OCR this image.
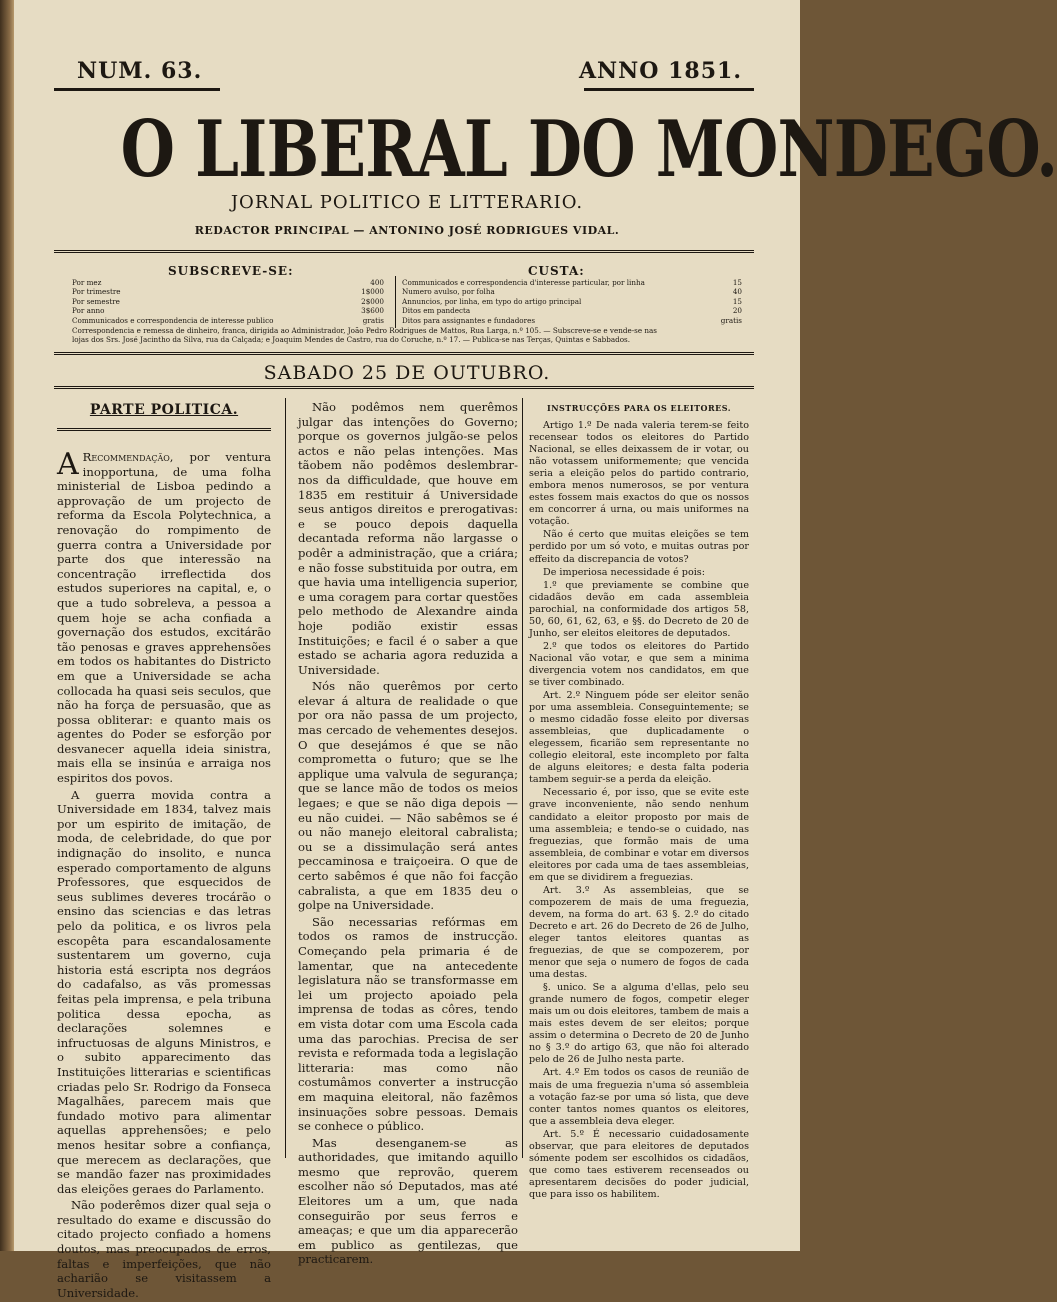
NUM. 63.	ANNO 1851.
O LIBERAL DO MONDEGO.
JORNAL POLITICO E LITTERARIO.
REDACTOR PRINCIPAL — ANTONINO JOSÉ RODRIGUES VIDAL.
SUBSCREVE-SE:	CUSTA:
Correspondencia e remessa de dinheiro, franca, dirigida ao Administrador, João Pedro Rodrigues de Mattos, Rua Larga, n.º 105. — Subscreve-se e vende-se nas
lojas dos Srs. José Jacintho da Silva, rua da Calçada; e Joaquim Mendes de Castro, rua do Coruche, n.º 17. — Publica-se nas Terças, Quintas e Sabbados.
SABADO 25 DE OUTUBRO.
PARTE POLITICA.

A Recommendação, por ventura inopportuna, de uma folha ministerial de Lisboa pedindo a approvação de um projecto de reforma da Escola Polytechnica, a renovação do rompimento de guerra contra a Universidade por parte dos que interessão na concentração irreflectida dos estudos superiores na capital, e, o que a tudo sobreleva, a pessoa a quem hoje se acha confiada a governação dos estudos, excitárão tão penosas e graves apprehensões em todos os habitantes do Districto em que a Universidade se acha collocada ha quasi seis seculos, que não ha força de persuasão, que as possa obliterar: e quanto mais os agentes do Poder se esforção por desvanecer aquella ideia sinistra, mais ella se insinúa e arraiga nos espiritos dos povos.

A guerra movida contra a Universidade em 1834, talvez mais por um espirito de imitação, de moda, de celebridade, do que por indignação do insolito, e nunca esperado comportamento de alguns Professores, que esquecidos de seus sublimes deveres trocárão o ensino das sciencias e das letras pelo da politica, e os livros pela escopêta para escandalosamente sustentarem um governo, cuja historia está escripta nos degráos do cadafalso, as vãs promessas feitas pela imprensa, e pela tribuna politica dessa epocha, as declarações solemnes e infructuosas de alguns Ministros, e o subito apparecimento das Instituições litterarias e scientificas criadas pelo Sr. Rodrigo da Fonseca Magalhães, parecem mais que fundado motivo para alimentar aquellas apprehensões; e pelo menos hesitar sobre a confiança, que merecem as declarações, que se mandão fazer nas proximidades das eleições geraes do Parlamento.

Não poderêmos dizer qual seja o resultado do exame e discussão do citado projecto confiado a homens doutos, mas preocupados de erros, faltas e imperfeições, que não acharião se visitassem a Universidade.

Não podêmos nem querêmos julgar das intenções do Governo; porque os governos julgão-se pelos actos e não pelas intenções. Mas tãobem não podêmos deslembrar-nos da difficuldade, que houve em 1835 em restituir á Universidade seus antigos direitos e prerogativas: e se pouco depois daquella decantada reforma não largasse o podêr a administração, que a criára; e não fosse substituida por outra, em que havia uma intelligencia superior, e uma coragem para cortar questões pelo methodo de Alexandre ainda hoje podião existir essas Instituições; e facil é o saber a que estado se acharia agora reduzida a Universidade.

Nós não querêmos por certo elevar á altura de realidade o que por ora não passa de um projecto, mas cercado de vehementes desejos. O que desejámos é que se não comprometta o futuro; que se lhe applique uma valvula de segurança; que se lance mão de todos os meios legaes; e que se não diga depois — eu não cuidei. — Não sabêmos se é ou não manejo eleitoral cabralista; ou se a dissimulação será antes peccaminosa e traiçoeira. O que de certo sabêmos é que não foi facção cabralista, a que em 1835 deu o golpe na Universidade.

São necessarias refórmas em todos os ramos de instrucção. Começando pela primaria é de lamentar, que na antecedente legislatura não se transformasse em lei um projecto apoiado pela imprensa de todas as côres, tendo em vista dotar com uma Escola cada uma das parochias. Precisa de ser revista e reformada toda a legislação litteraria: mas como não costumâmos converter a instrucção em maquina eleitoral, não fazêmos insinuações sobre pessoas. Demais se conhece o público.

Mas desenganem-se as authoridades, que imitando aquillo mesmo que reprovão, querem escolher não só Deputados, mas até Eleitores um a um, que nada conseguirão por seus ferros e ameaças; e que um dia apparecerão em publico as gentilezas, que practicarem.

INSTRUCÇÕES PARA OS ELEITORES.

Artigo 1.º De nada valeria terem-se feito recensear todos os eleitores do Partido Nacional, se elles deixassem de ir votar, ou não votassem uniformemente; que vencida seria a eleição pelos do partido contrario, embora menos numerosos, se por ventura estes fossem mais exactos do que os nossos em concorrer á urna, ou mais uniformes na votação.

Não é certo que muitas eleições se tem perdido por um só voto, e muitas outras por effeito da discrepancia de votos?

De imperiosa necessidade é pois:

1.º que previamente se combine que cidadãos devão em cada assembleia parochial, na conformidade dos artigos 58, 50, 60, 61, 62, 63, e §§. do Decreto de 20 de Junho, ser eleitos eleitores de deputados.

2.º que todos os eleitores do Partido Nacional vão votar, e que sem a minima divergencia votem nos candidatos, em que se tiver combinado.

Art. 2.º Ninguem póde ser eleitor senão por uma assembleia. Conseguintemente; se o mesmo cidadão fosse eleito por diversas assembleias, que duplicadamente o elegessem, ficarião sem representante no collegio eleitoral, este incompleto por falta de alguns eleitores; e desta falta poderia tambem seguir-se a perda da eleição.

Necessario é, por isso, que se evite este grave inconveniente, não sendo nenhum candidato a eleitor proposto por mais de uma assembleia; e tendo-se o cuidado, nas freguezias, que formão mais de uma assembleia, de combinar e votar em diversos eleitores por cada uma de taes assembleias, em que se dividirem a freguezias.

Art. 3.º As assembleias, que se compozerem de mais de uma freguezia, devem, na forma do art. 63 §. 2.º do citado Decreto e art. 26 do Decreto de 26 de Julho, eleger tantos eleitores quantas as freguezias, de que se compozerem, por menor que seja o numero de fogos de cada uma destas.

§. unico. Se a alguma d'ellas, pelo seu grande numero de fogos, competir eleger mais um ou dois eleitores, tambem de mais a mais estes devem de ser eleitos; porque assim o determina o Decreto de 20 de Junho no § 3.º do artigo 63, que não foi alterado pelo de 26 de Julho nesta parte.

Art. 4.º Em todos os casos de reunião de mais de uma freguezia n'uma só assembleia a votação faz-se por uma só lista, que deve conter tantos nomes quantos os eleitores, que a assembleia deva eleger.

Art. 5.º É necessario cuidadosamente observar, que para eleitores de deputados sómente podem ser escolhidos os cidadãos, que como taes estiverem recenseados ou apresentarem decisões do poder judicial, que para isso os habilitem.

Por mez	400
Por trimestre	1$000
Por semestre	2$000
Por anno	3$600
Communicados e correspondencia de interesse publico	gratis
Communicados e correspondencia d'interesse particular, por linha	15
Numero avulso, por folha	40
Annuncios, por linha, em typo do artigo principal	15
Ditos em pandecta	20
Ditos para assignantes e fundadores	gratis
